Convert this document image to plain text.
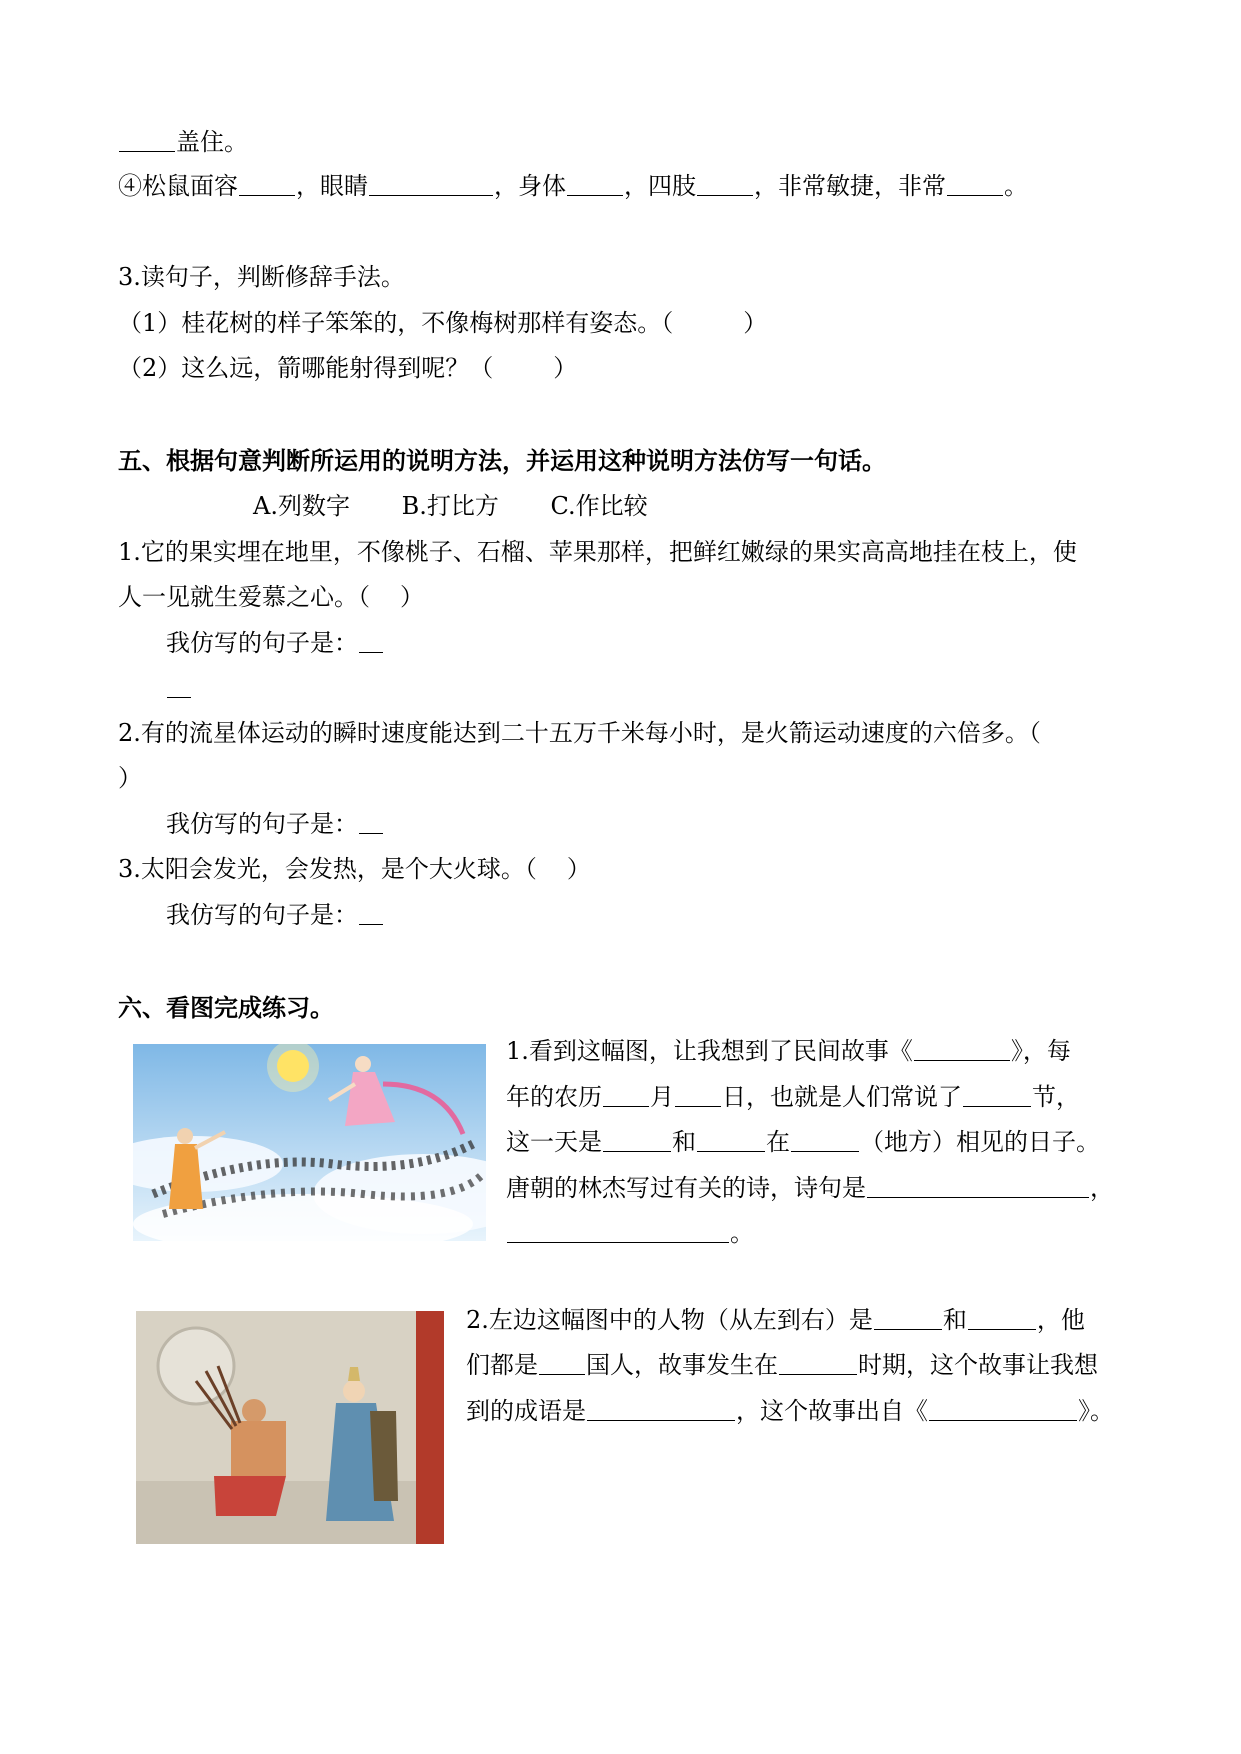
盖住。
④松鼠面容 ，眼睛	，身体 ，四肢 ，非常敏捷，非常 。
3.读句子，判断修辞手法。
（1）桂花树的样子笨笨的，不像梅树那样有姿态。（	）
（2）这么远，箭哪能射得到呢？（	）
五、根据句意判断所运用的说明方法，并运用这种说明方法仿写一句话。
A.列数字 B.打比方 C.作比较
1.它的果实埋在地里，不像桃子、石榴、苹果那样，把鲜红嫩绿的果实高高地挂在枝上，使
人一见就生爱慕之心。（ ）
我仿写的句子是：
2.有的流星体运动的瞬时速度能达到二十五万千米每小时，是火箭运动速度的六倍多。（
）
我仿写的句子是：
3.太阳会发光，会发热，是个大火球。（ ）
我仿写的句子是：
六、看图完成练习。
1.看到这幅图，让我想到了民间故事《	》，每
年的农历 月 日，也就是人们常说了	节，
这一天是	和	在	（地方）相见的日子。
唐朝的林杰写过有关的诗，诗句是	，
。
2.左边这幅图中的人物（从左到右）是	和	，他
们都是 国人，故事发生在	时期，这个故事让我想
到的成语是	，这个故事出自《	》。
